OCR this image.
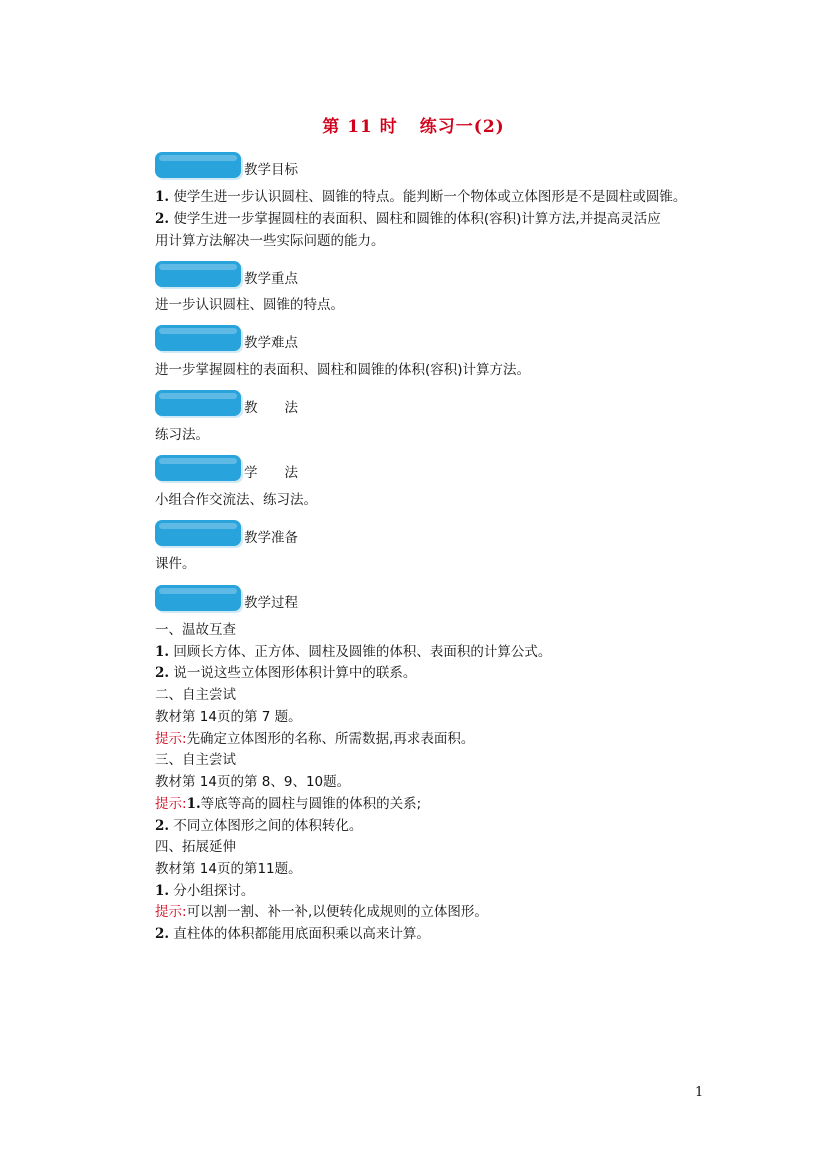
第 11 时 练习一(2)
教学目标
1. 使学生进一步认识圆柱、圆锥的特点。能判断一个物体或立体图形是不是圆柱或圆锥。
2. 使学生进一步掌握圆柱的表面积、圆柱和圆锥的体积(容积)计算方法,并提高灵活应
用计算方法解决一些实际问题的能力。
教学重点
进一步认识圆柱、圆锥的特点。
教学难点
进一步掌握圆柱的表面积、圆柱和圆锥的体积(容积)计算方法。
教　　法
练习法。
学　　法
小组合作交流法、练习法。
教学准备
课件。
教学过程
一、温故互查
1. 回顾长方体、正方体、圆柱及圆锥的体积、表面积的计算公式。
2. 说一说这些立体图形体积计算中的联系。
二、自主尝试
教材第 14页的第 7 题。
提示:先确定立体图形的名称、所需数据,再求表面积。
三、自主尝试
教材第 14页的第 8、9、10题。
提示:1.等底等高的圆柱与圆锥的体积的关系;
2. 不同立体图形之间的体积转化。
四、拓展延伸
教材第 14页的第11题。
1. 分小组探讨。
提示:可以割一割、补一补,以便转化成规则的立体图形。
2. 直柱体的体积都能用底面积乘以高来计算。
1
